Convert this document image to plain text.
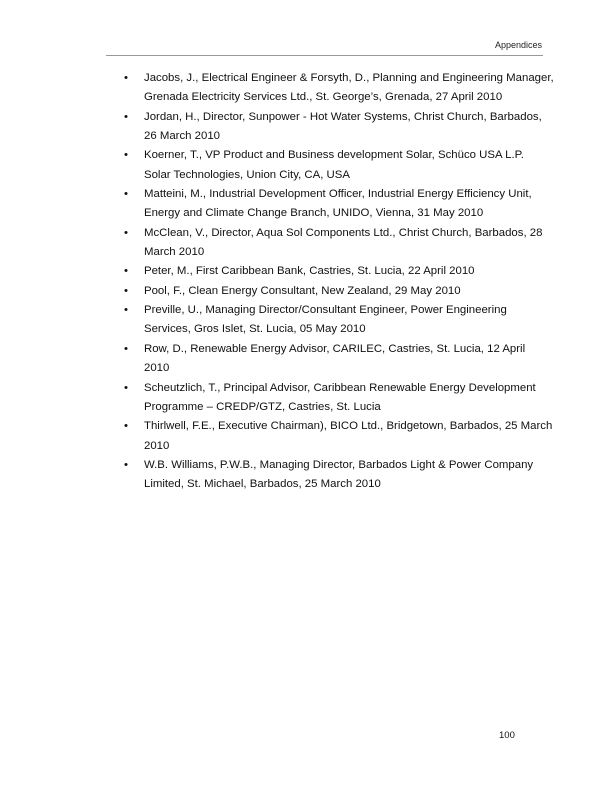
Appendices
• Jacobs, J., Electrical Engineer & Forsyth, D., Planning and Engineering Manager,
Grenada Electricity Services Ltd., St. George’s, Grenada, 27 April 2010
• Jordan, H., Director, Sunpower - Hot Water Systems, Christ Church, Barbados,
26 March 2010
• Koerner, T., VP Product and Business development Solar, Schüco USA L.P.
Solar Technologies, Union City, CA, USA
• Matteini, M., Industrial Development Officer, Industrial Energy Efficiency Unit,
Energy and Climate Change Branch, UNIDO, Vienna, 31 May 2010
• McClean, V., Director, Aqua Sol Components Ltd., Christ Church, Barbados, 28
March 2010
• Peter, M., First Caribbean Bank, Castries, St. Lucia, 22 April 2010
• Pool, F., Clean Energy Consultant, New Zealand, 29 May 2010
• Preville, U., Managing Director/Consultant Engineer, Power Engineering
Services, Gros Islet, St. Lucia, 05 May 2010
• Row, D., Renewable Energy Advisor, CARILEC, Castries, St. Lucia, 12 April
2010
• Scheutzlich, T., Principal Advisor, Caribbean Renewable Energy Development
Programme – CREDP/GTZ, Castries, St. Lucia
• Thirlwell, F.E., Executive Chairman), BICO Ltd., Bridgetown, Barbados, 25 March
2010
• W.B. Williams, P.W.B., Managing Director, Barbados Light & Power Company
Limited, St. Michael, Barbados, 25 March 2010
100
